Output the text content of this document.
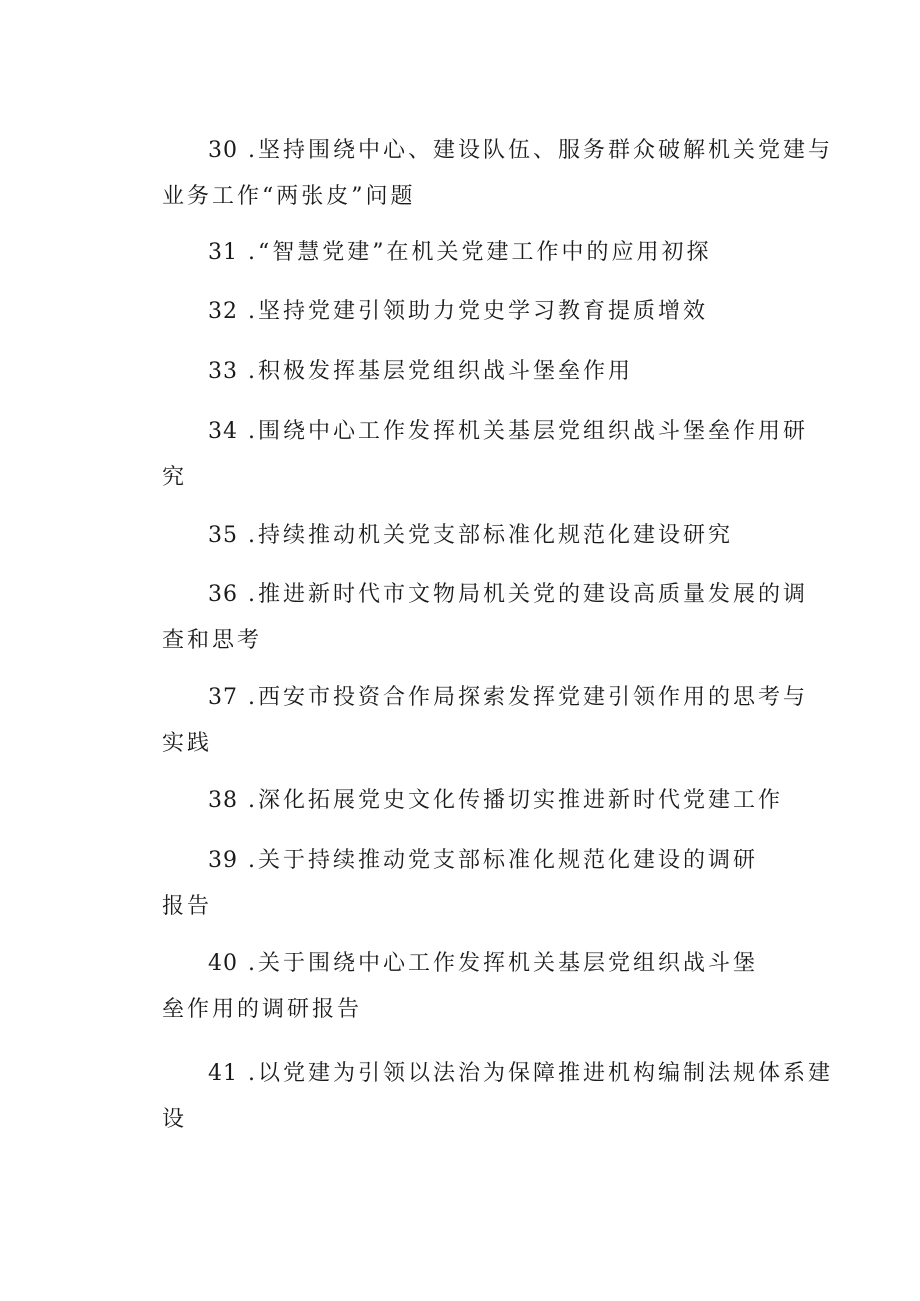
30 .坚持围绕中心、建设队伍、服务群众破解机关党建与
业务工作“两张皮”问题
31 .“智慧党建”在机关党建工作中的应用初探
32 .坚持党建引领助力党史学习教育提质增效
33 .积极发挥基层党组织战斗堡垒作用
34 .围绕中心工作发挥机关基层党组织战斗堡垒作用研
究
35 .持续推动机关党支部标准化规范化建设研究
36 .推进新时代市文物局机关党的建设高质量发展的调
查和思考
37 .西安市投资合作局探索发挥党建引领作用的思考与
实践
38 .深化拓展党史文化传播切实推进新时代党建工作
39 .关于持续推动党支部标准化规范化建设的调研
报告
40 .关于围绕中心工作发挥机关基层党组织战斗堡
垒作用的调研报告
41 .以党建为引领以法治为保障推进机构编制法规体系建
设
